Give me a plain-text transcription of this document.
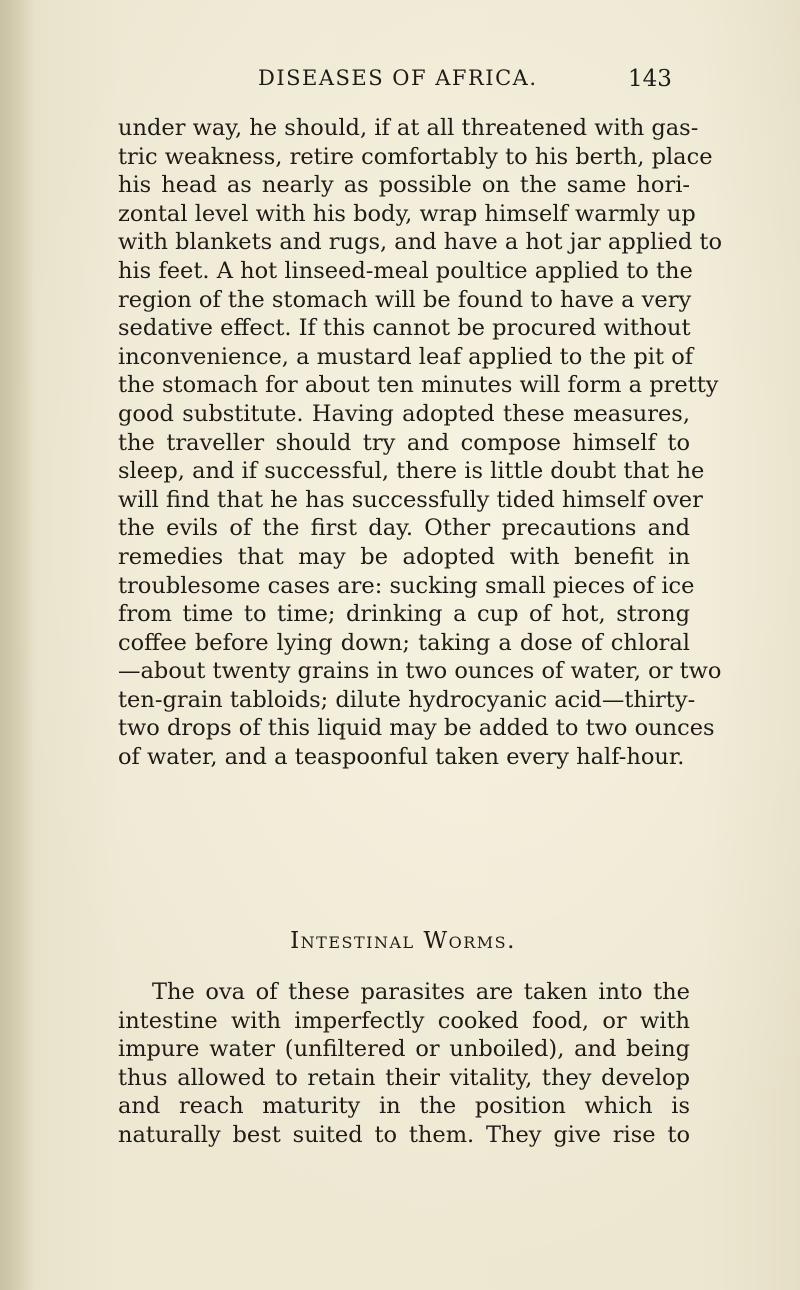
DISEASES OF AFRICA.	143
under way, he should, if at all threatened with gas-
tric weakness, retire comfortably to his berth, place
his head as nearly as possible on the same hori-
zontal level with his body, wrap himself warmly up
with blankets and rugs, and have a hot jar applied to
his feet. A hot linseed-meal poultice applied to the
region of the stomach will be found to have a very
sedative effect. If this cannot be procured without
inconvenience, a mustard leaf applied to the pit of
the stomach for about ten minutes will form a pretty
good substitute. Having adopted these measures,
the traveller should try and compose himself to
sleep, and if successful, there is little doubt that he
will find that he has successfully tided himself over
the evils of the first day. Other precautions and
remedies that may be adopted with benefit in
troublesome cases are: sucking small pieces of ice
from time to time; drinking a cup of hot, strong
coffee before lying down; taking a dose of chloral
—about twenty grains in two ounces of water, or two
ten-grain tabloids; dilute hydrocyanic acid—thirty-
two drops of this liquid may be added to two ounces
of water, and a teaspoonful taken every half-hour.
Intestinal Worms.
The ova of these parasites are taken into the
intestine with imperfectly cooked food, or with
impure water (unfiltered or unboiled), and being
thus allowed to retain their vitality, they develop
and reach maturity in the position which is
naturally best suited to them. They give rise to
